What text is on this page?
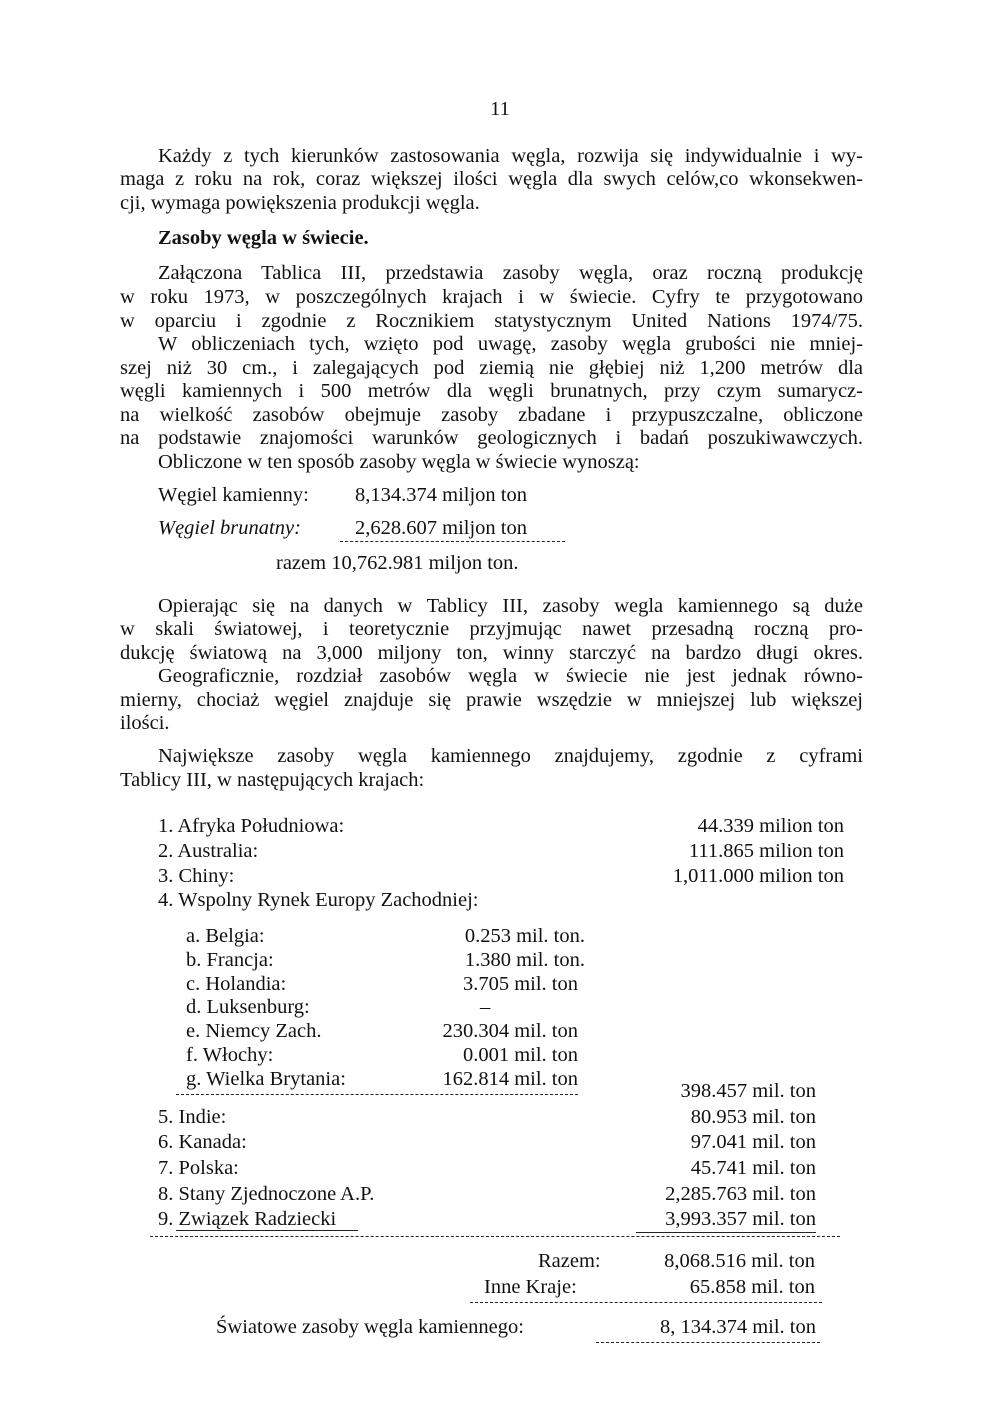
11
Każdy z tych kierunków zastosowania węgla, rozwija się indywidualnie i wy-
maga z roku na rok, coraz większej ilości węgla dla swych celów,co wkonsekwen-
cji, wymaga powiększenia produkcji węgla.
Zasoby węgla w świecie.
Załączona Tablica III, przedstawia zasoby węgla, oraz roczną produkcję
w roku 1973, w poszczególnych krajach i w świecie. Cyfry te przygotowano
w oparciu i zgodnie z Rocznikiem statystycznym United Nations 1974/75.
W obliczeniach tych, wzięto pod uwagę, zasoby węgla grubości nie mniej-
szej niż 30 cm., i zalegających pod ziemią nie głębiej niż 1,200 metrów dla
węgli kamiennych i 500 metrów dla węgli brunatnych, przy czym sumarycz-
na wielkość zasobów obejmuje zasoby zbadane i przypuszczalne, obliczone
na podstawie znajomości warunków geologicznych i badań poszukiwawczych.
Obliczone w ten sposób zasoby węgla w świecie wynoszą:
Węgiel kamienny: 8,134.374 miljon ton
Węgiel brunatny:	2,628.607 miljon ton
razem 10,762.981 miljon ton.
Opierając się na danych w Tablicy III, zasoby wegla kamiennego są duże
w skali światowej, i teoretycznie przyjmując nawet przesadną roczną pro-
dukcję światową na 3,000 miljony ton, winny starczyć na bardzo długi okres.
Geograficznie, rozdział zasobów węgla w świecie nie jest jednak równo-
mierny, chociaż węgiel znajduje się prawie wszędzie w mniejszej lub większej
ilości.
Największe zasoby węgla kamiennego znajdujemy, zgodnie z cyframi
Tablicy III, w następujących krajach:
1. Afryka Południowa:	44.339 milion ton
2. Australia:	111.865 milion ton
3. Chiny:	1,011.000 milion ton
4. Wspolny Rynek Europy Zachodniej:
a. Belgia:	0.253 mil. ton.
b. Francja:	1.380 mil. ton.
c. Holandia:	3.705 mil. ton
d. Luksenburg:	–
e. Niemcy Zach.	230.304 mil. ton
f. Włochy:	0.001 mil. ton
g. Wielka Brytania:	162.814 mil. ton
398.457 mil. ton
5. Indie:	80.953 mil. ton
6. Kanada:	97.041 mil. ton
7. Polska:	45.741 mil. ton
8. Stany Zjednoczone A.P.	2,285.763 mil. ton
9. Związek Radziecki	3,993.357 mil. ton
Razem:	8,068.516 mil. ton
Inne Kraje:	65.858 mil. ton
Światowe zasoby węgla kamiennego:	8, 134.374 mil. ton
